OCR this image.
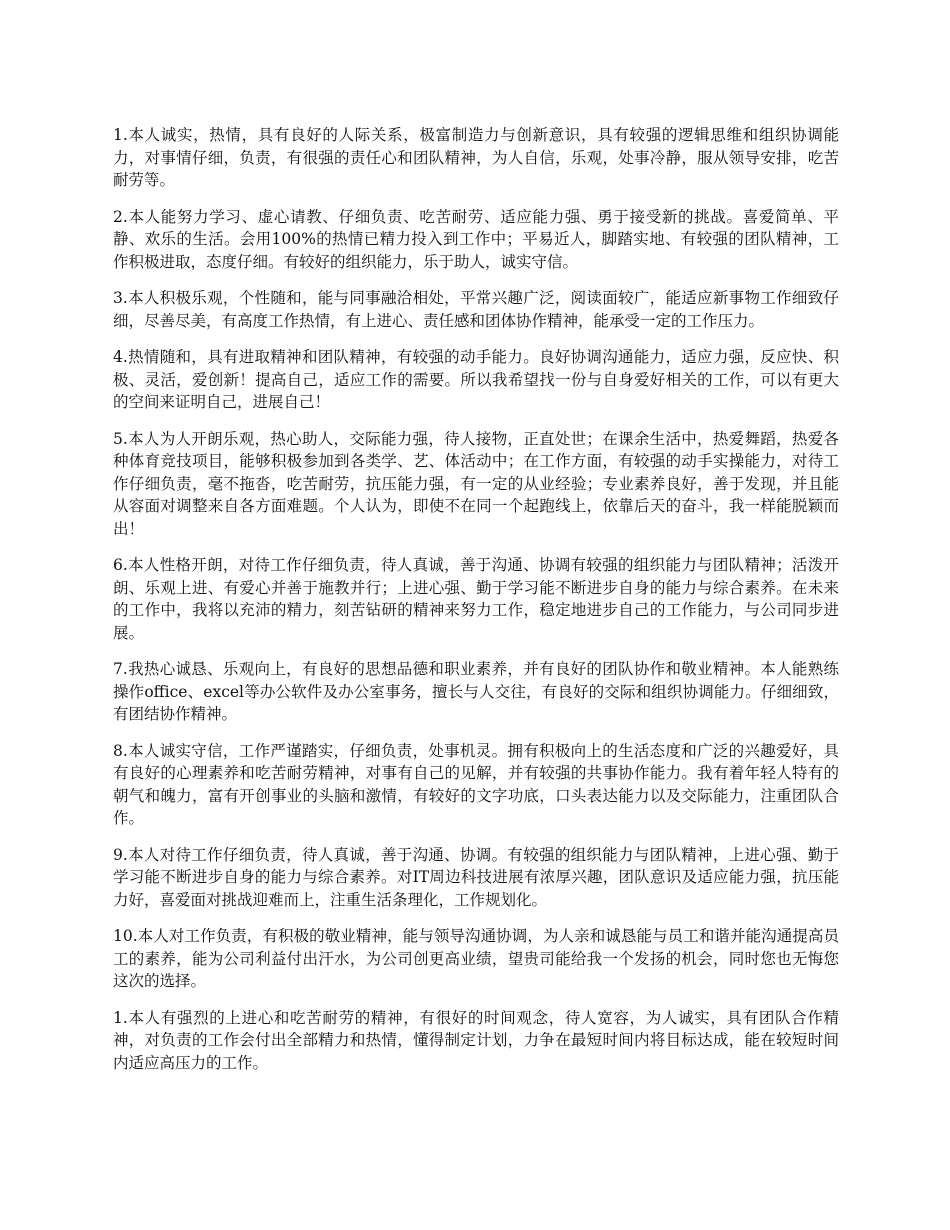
1.本人诚实，热情，具有良好的人际关系，极富制造力与创新意识，具有较强的逻辑思维和组织协调能力，对事情仔细，负责，有很强的责任心和团队精神，为人自信，乐观，处事冷静，服从领导安排，吃苦耐劳等。

2.本人能努力学习、虚心请教、仔细负责、吃苦耐劳、适应能力强、勇于接受新的挑战。喜爱简单、平静、欢乐的生活。会用100%的热情已精力投入到工作中；平易近人，脚踏实地、有较强的团队精神，工作积极进取，态度仔细。有较好的组织能力，乐于助人，诚实守信。

3.本人积极乐观，个性随和，能与同事融洽相处，平常兴趣广泛，阅读面较广，能适应新事物工作细致仔细，尽善尽美，有高度工作热情，有上进心、责任感和团体协作精神，能承受一定的工作压力。

4.热情随和，具有进取精神和团队精神，有较强的动手能力。良好协调沟通能力，适应力强，反应快、积极、灵活，爱创新！提高自己，适应工作的需要。所以我希望找一份与自身爱好相关的工作，可以有更大的空间来证明自己，进展自己！

5.本人为人开朗乐观，热心助人，交际能力强，待人接物，正直处世；在课余生活中，热爱舞蹈，热爱各种体育竞技项目，能够积极参加到各类学、艺、体活动中；在工作方面，有较强的动手实操能力，对待工作仔细负责，毫不拖沓，吃苦耐劳，抗压能力强，有一定的从业经验；专业素养良好，善于发现，并且能从容面对调整来自各方面难题。个人认为，即使不在同一个起跑线上，依靠后天的奋斗，我一样能脱颖而出！

6.本人性格开朗，对待工作仔细负责，待人真诚，善于沟通、协调有较强的组织能力与团队精神；活泼开朗、乐观上进、有爱心并善于施教并行；上进心强、勤于学习能不断进步自身的能力与综合素养。在未来的工作中，我将以充沛的精力，刻苦钻研的精神来努力工作，稳定地进步自己的工作能力，与公司同步进展。

7.我热心诚恳、乐观向上，有良好的思想品德和职业素养，并有良好的团队协作和敬业精神。本人能熟练操作office、excel等办公软件及办公室事务，擅长与人交往，有良好的交际和组织协调能力。仔细细致，有团结协作精神。

8.本人诚实守信，工作严谨踏实，仔细负责，处事机灵。拥有积极向上的生活态度和广泛的兴趣爱好，具有良好的心理素养和吃苦耐劳精神，对事有自己的见解，并有较强的共事协作能力。我有着年轻人特有的朝气和魄力，富有开创事业的头脑和激情，有较好的文字功底，口头表达能力以及交际能力，注重团队合作。

9.本人对待工作仔细负责，待人真诚，善于沟通、协调。有较强的组织能力与团队精神，上进心强、勤于学习能不断进步自身的能力与综合素养。对IT周边科技进展有浓厚兴趣，团队意识及适应能力强，抗压能力好，喜爱面对挑战迎难而上，注重生活条理化，工作规划化。

10.本人对工作负责，有积极的敬业精神，能与领导沟通协调，为人亲和诚恳能与员工和谐并能沟通提高员工的素养，能为公司利益付出汗水，为公司创更高业绩，望贵司能给我一个发扬的机会，同时您也无悔您这次的选择。

1.本人有强烈的上进心和吃苦耐劳的精神，有很好的时间观念，待人宽容，为人诚实，具有团队合作精神，对负责的工作会付出全部精力和热情，懂得制定计划，力争在最短时间内将目标达成，能在较短时间内适应高压力的工作。
